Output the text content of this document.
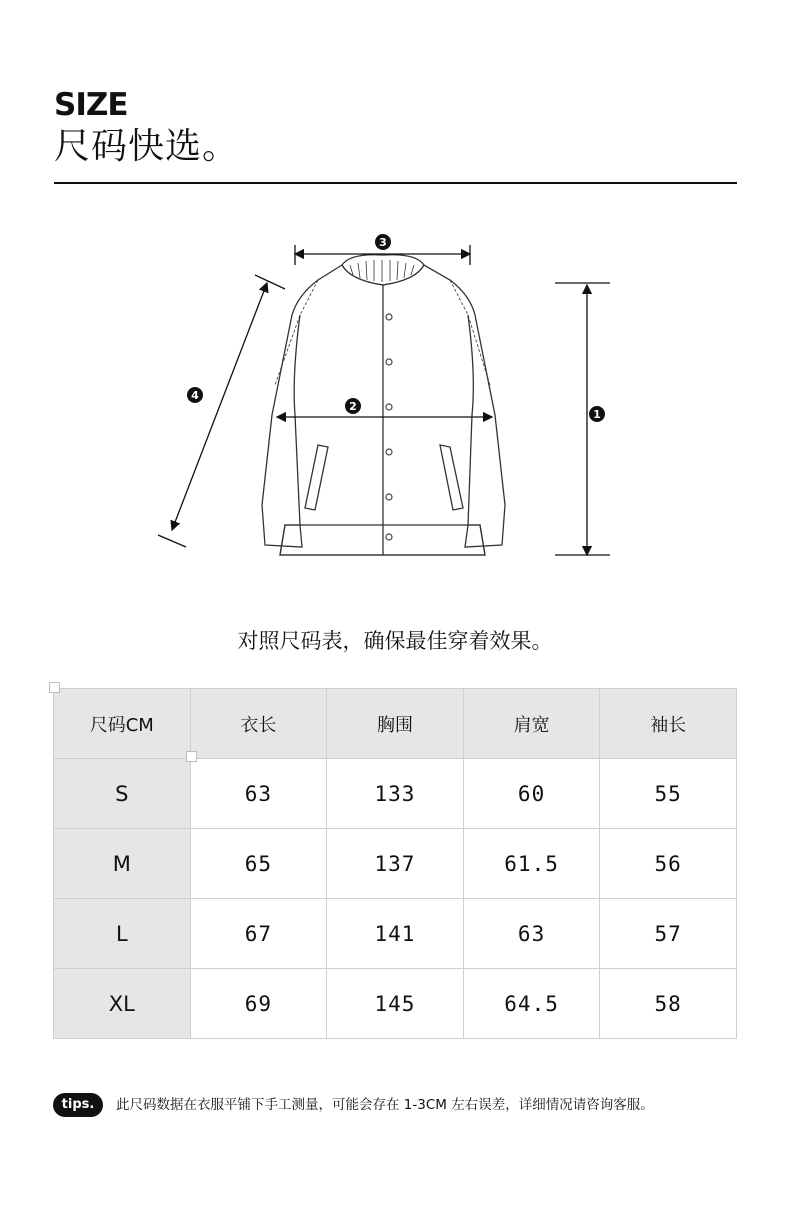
SIZE
尺码快选。
3
4
2
1
对照尺码表，确保最佳穿着效果。
尺码CM	衣长	胸围	肩宽	袖长
S	63	133	60	55
M	65	137	61.5	56
L	67	141	63	57
XL	69	145	64.5	58
tips.	此尺码数据在衣服平铺下手工测量，可能会存在 1-3CM 左右误差，详细情况请咨询客服。
